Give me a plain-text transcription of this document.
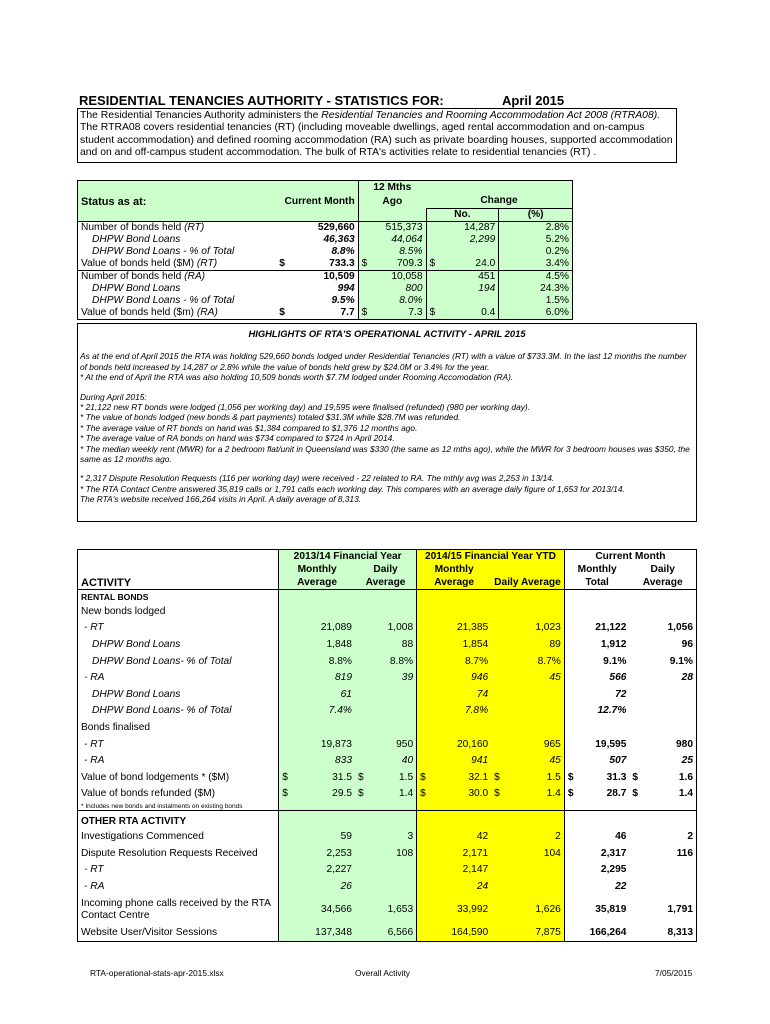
RESIDENTIAL TENANCIES AUTHORITY - STATISTICS FOR:	April 2015
The Residential Tenancies Authority administers the Residential Tenancies and Rooming Accommodation Act 2008 (RTRA08). The RTRA08 covers residential tenancies (RT) (including moveable dwellings, aged rental accommodation and on-campus student accommodation) and defined rooming accommodation (RA) such as private boarding houses, supported accommodation and on and off-campus student accommodation. The bulk of RTA's activities relate to residential tenancies (RT) .
		12 Mths		
Status as at:	Current Month	Ago	Change	
			No.	(%)
Number of bonds held (RT)	529,660	515,373	14,287	2.8%
DHPW Bond Loans	46,363	44,064	2,299	5.2%
DHPW Bond Loans - % of Total	8.8%	8.5%		0.2%
Value of bonds held ($M) (RT)	$ 733.3	$ 709.3	$ 24.0	3.4%
Number of bonds held (RA)	10,509	10,058	451	4.5%
DHPW Bond Loans	994	800	194	24.3%
DHPW Bond Loans - % of Total	9.5%	8.0%		1.5%
Value of bonds held ($m) (RA)	$ 7.7	$ 7.3	$ 0.4	6.0%
HIGHLIGHTS OF RTA'S OPERATIONAL ACTIVITY - APRIL 2015

As at the end of April 2015 the RTA was holding 529,660 bonds lodged under Residential Tenancies (RT) with a value of $733.3M. In the last 12 months the number of bonds held increased by 14,287 or 2.8% while the value of bonds held grew by $24.0M or 3.4% for the year.

* At the end of April the RTA was also holding 10,509 bonds worth $7.7M lodged under Rooming Accomodation (RA).

During April 2015:

* 21,122 new RT bonds were lodged (1,056 per working day) and 19,595 were finalised (refunded) (980 per working day).

* The value of bonds lodged (new bonds & part payments) totaled $31.3M while $28.7M was refunded.

* The average value of RT bonds on hand was $1,384 compared to $1,376 12 months ago.

* The average value of RA bonds on hand was $734 compared to $724 in April 2014.

* The median weekly rent (MWR) for a 2 bedroom flat/unit in Queensland was $330 (the same as 12 mths ago), while the MWR for 3 bedroom houses was $350, the same as 12 months ago.

* 2,317 Dispute Resolution Requests (116 per working day) were received - 22 related to RA. The mthly avg was 2,253 in 13/14.

* The RTA Contact Centre answered 35,819 calls or 1,791 calls each working day. This compares with an average daily figure of 1,653 for 2013/14.

The RTA's website received 166,264 visits in April. A daily average of 8,313.

	2013/14 Financial Year		2014/15 Financial Year YTD		Current Month	
	Monthly	Daily	Monthly		Monthly	Daily
ACTIVITY	Average	Average	Average	Daily Average	Total	Average
RENTAL BONDS						
New bonds lodged						
- RT	21,089	1,008	21,385	1,023	21,122	1,056
DHPW Bond Loans	1,848	88	1,854	89	1,912	96
DHPW Bond Loans- % of Total	8.8%	8.8%	8.7%	8.7%	9.1%	9.1%
- RA	819	39	946	45	566	28
DHPW Bond Loans	61		74		72	
DHPW Bond Loans- % of Total	7.4%		7.8%		12.7%	
Bonds finalised						
- RT	19,873	950	20,160	965	19,595	980
- RA	833	40	941	45	507	25
Value of bond lodgements * ($M)	$ 31.5	$ 1.5	$ 32.1	$ 1.5	$ 31.3	$ 1.6
Value of bonds refunded ($M)	$ 29.5	$ 1.4	$ 30.0	$ 1.4	$ 28.7	$ 1.4
* Includes new bonds and instalments on existing bonds						
OTHER RTA ACTIVITY						
Investigations Commenced	59	3	42	2	46	2
Dispute Resolution Requests Received	2,253	108	2,171	104	2,317	116
- RT	2,227		2,147		2,295	
- RA	26		24		22	
Incoming phone calls received by the RTA Contact Centre	34,566	1,653	33,992	1,626	35,819	1,791
Website User/Visitor Sessions	137,348	6,566	164,590	7,875	166,264	8,313
RTA-operational-stats-apr-2015.xlsx	Overall Activity	7/05/2015
